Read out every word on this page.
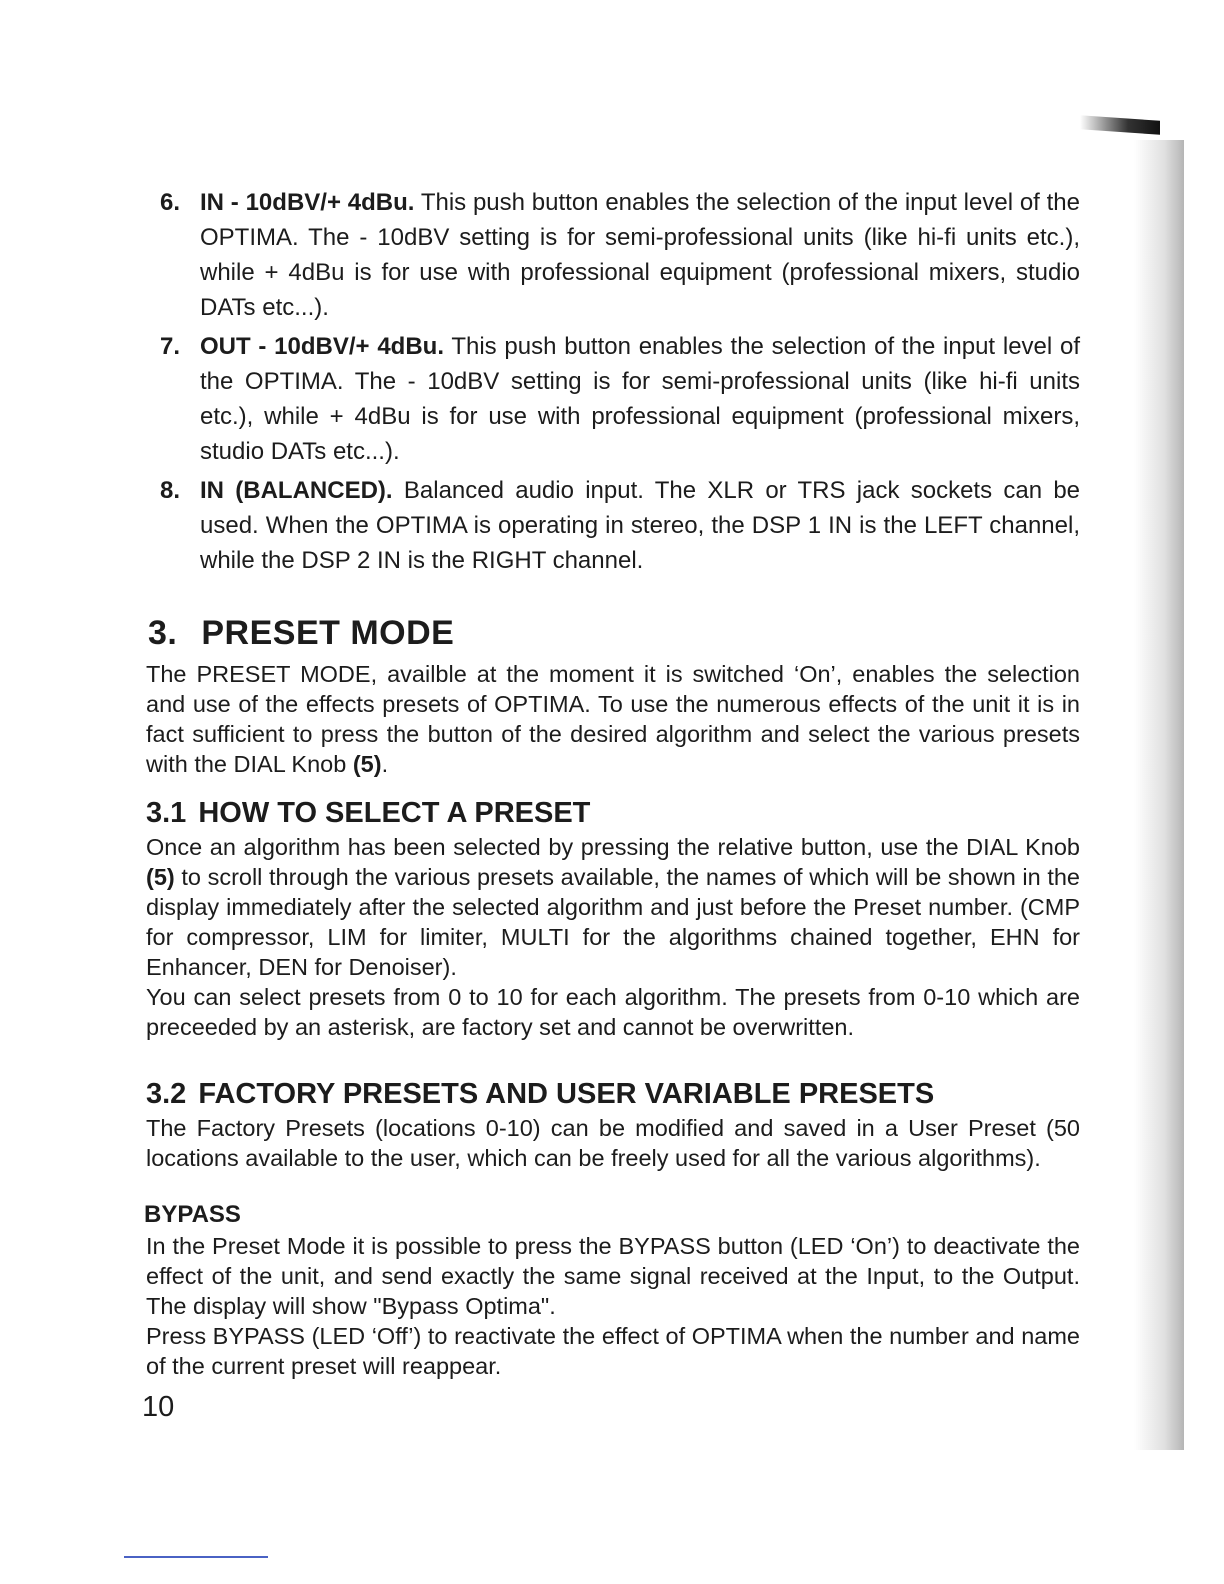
6. IN - 10dBV/+ 4dBu. This push button enables the selection of the input level of the OPTIMA. The - 10dBV setting is for semi-professional units (like hi-fi units etc.), while + 4dBu is for use with professional equipment (professional mixers, studio DATs etc...).

7. OUT - 10dBV/+ 4dBu. This push button enables the selection of the input level of the OPTIMA. The - 10dBV setting is for semi-professional units (like hi-fi units etc.), while + 4dBu is for use with professional equipment (professional mixers, studio DATs etc...).

8. IN (BALANCED). Balanced audio input. The XLR or TRS jack sockets can be used. When the OPTIMA is operating in stereo, the DSP 1 IN is the LEFT channel, while the DSP 2 IN is the RIGHT channel.

3. PRESET MODE

The PRESET MODE, availble at the moment it is switched ‘On’, enables the selection and use of the effects presets of OPTIMA. To use the numerous effects of the unit it is in fact sufficient to press the button of the desired algorithm and select the various presets with the DIAL Knob (5).

3.1 HOW TO SELECT A PRESET

Once an algorithm has been selected by pressing the relative button, use the DIAL Knob (5) to scroll through the various presets available, the names of which will be shown in the display immediately after the selected algorithm and just before the Preset number. (CMP for compressor, LIM for limiter, MULTI for the algorithms chained together, EHN for Enhancer, DEN for Denoiser).

You can select presets from 0 to 10 for each algorithm. The presets from 0-10 which are preceeded by an asterisk, are factory set and cannot be overwritten.

3.2 FACTORY PRESETS AND USER VARIABLE PRESETS

The Factory Presets (locations 0-10) can be modified and saved in a User Preset (50 locations available to the user, which can be freely used for all the various algorithms).

BYPASS

In the Preset Mode it is possible to press the BYPASS button (LED ‘On’) to deactivate the effect of the unit, and send exactly the same signal received at the Input, to the Output. The display will show "Bypass Optima".

Press BYPASS (LED ‘Off’) to reactivate the effect of OPTIMA when the number and name of the current preset will reappear.

10
